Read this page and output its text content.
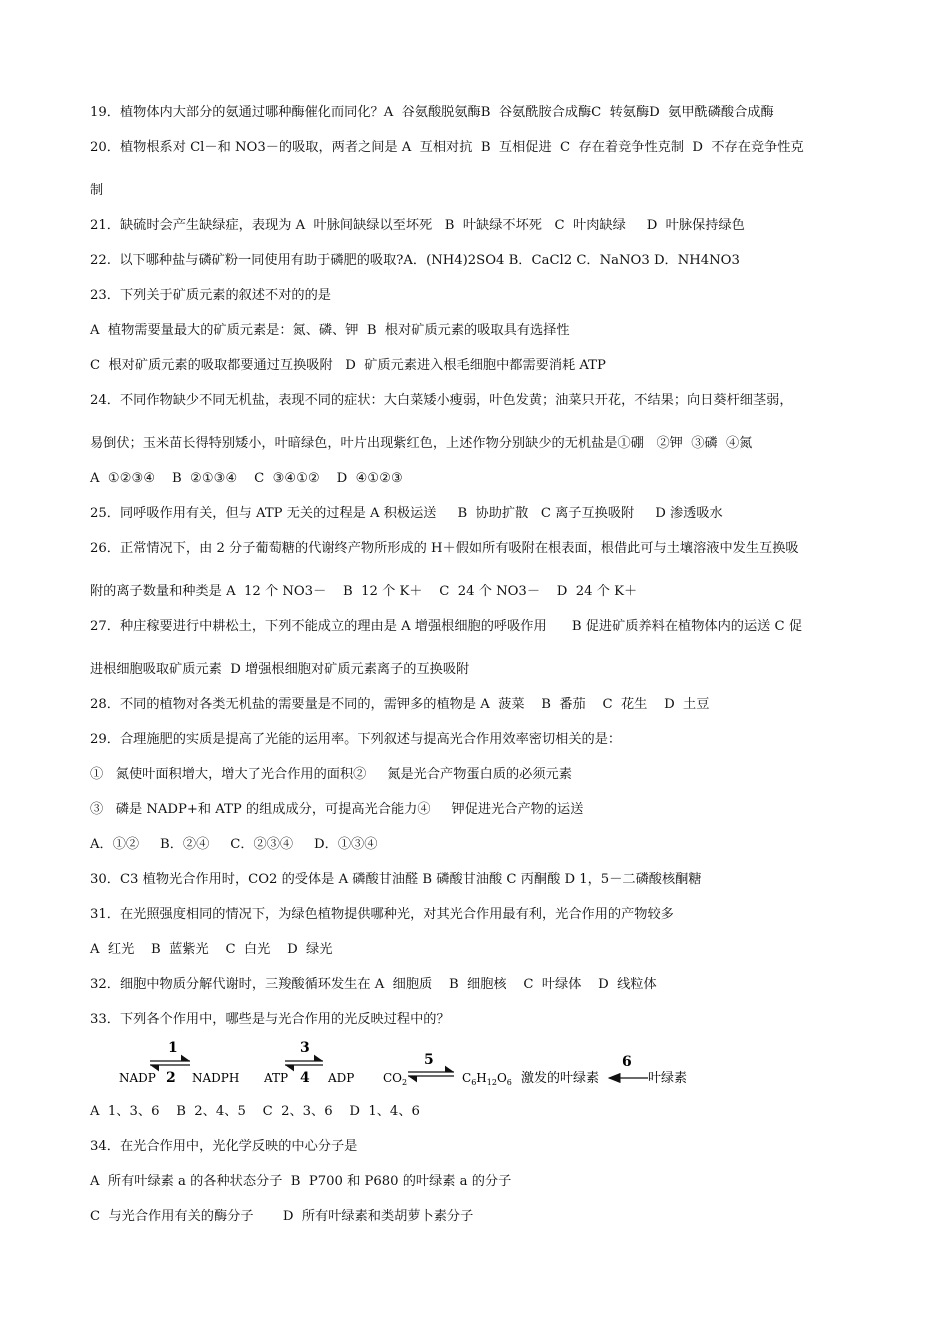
19．植物体内大部分的氨通过哪种酶催化而同化？A  谷氨酸脱氨酶B  谷氨酰胺合成酶C  转氨酶D  氨甲酰磷酸合成酶
20．植物根系对 Cl－和 NO3－的吸取，两者之间是 A  互相对抗  B  互相促进  C  存在着竞争性克制  D  不存在竞争性克
制
21．缺硫时会产生缺绿症，表现为 A  叶脉间缺绿以至坏死   B  叶缺绿不坏死   C  叶肉缺绿     D  叶脉保持绿色
22.  以下哪种盐与磷矿粉一同使用有助于磷肥的吸取?A．(NH4)2SO4 B．CaCl2 C．NaNO3 D．NH4NO3
23．下列关于矿质元素的叙述不对的的是
A  植物需要量最大的矿质元素是：氮、磷、钾  B  根对矿质元素的吸取具有选择性
C  根对矿质元素的吸取都要通过互换吸附   D  矿质元素进入根毛细胞中都需要消耗 ATP
24．不同作物缺少不同无机盐，表现不同的症状：大白菜矮小瘦弱，叶色发黄；油菜只开花，不结果；向日葵杆细茎弱，
易倒伏；玉米苗长得特别矮小，叶暗绿色，叶片出现紫红色，上述作物分别缺少的无机盐是①硼   ②钾  ③磷  ④氮
A  ①②③④    B  ②①③④    C  ③④①②    D  ④①②③
25．同呼吸作用有关，但与 ATP 无关的过程是 A 积极运送     B  协助扩散   C 离子互换吸附     D 渗透吸水
26．正常情况下，由 2 分子葡萄糖的代谢终产物所形成的 H＋假如所有吸附在根表面，根借此可与土壤溶液中发生互换吸
附的离子数量和种类是 A  12 个 NO3－    B  12 个 K＋    C  24 个 NO3－    D  24 个 K＋
27．种庄稼要进行中耕松土，下列不能成立的理由是 A 增强根细胞的呼吸作用      B 促进矿质养料在植物体内的运送 C 促
进根细胞吸取矿质元素  D 增强根细胞对矿质元素离子的互换吸附
28．不同的植物对各类无机盐的需要量是不同的，需钾多的植物是 A  菠菜    B  番茄    C  花生    D  土豆
29．合理施肥的实质是提高了光能的运用率。下列叙述与提高光合作用效率密切相关的是：
①   氮使叶面积增大，增大了光合作用的面积②     氮是光合产物蛋白质的必须元素
③   磷是 NADP+和 ATP 的组成成分，可提高光合能力④     钾促进光合产物的运送
A．①②     B．②④     C．②③④     D．①③④
30．C3 植物光合作用时，CO2 的受体是 A 磷酸甘油醛 B 磷酸甘油酸 C 丙酮酸 D 1，5－二磷酸核酮糖
31．在光照强度相同的情况下，为绿色植物提供哪种光，对其光合作用最有利，光合作用的产物较多
A  红光    B  蓝紫光    C  白光    D  绿光
32．细胞中物质分解代谢时，三羧酸循环发生在 A  细胞质    B  细胞核    C  叶绿体    D  线粒体
33．下列各个作用中，哪些是与光合作用的光反映过程中的？
NADP
1
2 NADPH ATP
3
4 ADP $CO_2$
5
$C_6H_{12}O_6$ 激发的叶绿素
6
叶绿素
A  1、3、6    B  2、4、5    C  2、3、6    D  1、4、6
34．在光合作用中，光化学反映的中心分子是
A  所有叶绿素 a 的各种状态分子  B  P700 和 P680 的叶绿素 a 的分子
C  与光合作用有关的酶分子       D  所有叶绿素和类胡萝卜素分子
